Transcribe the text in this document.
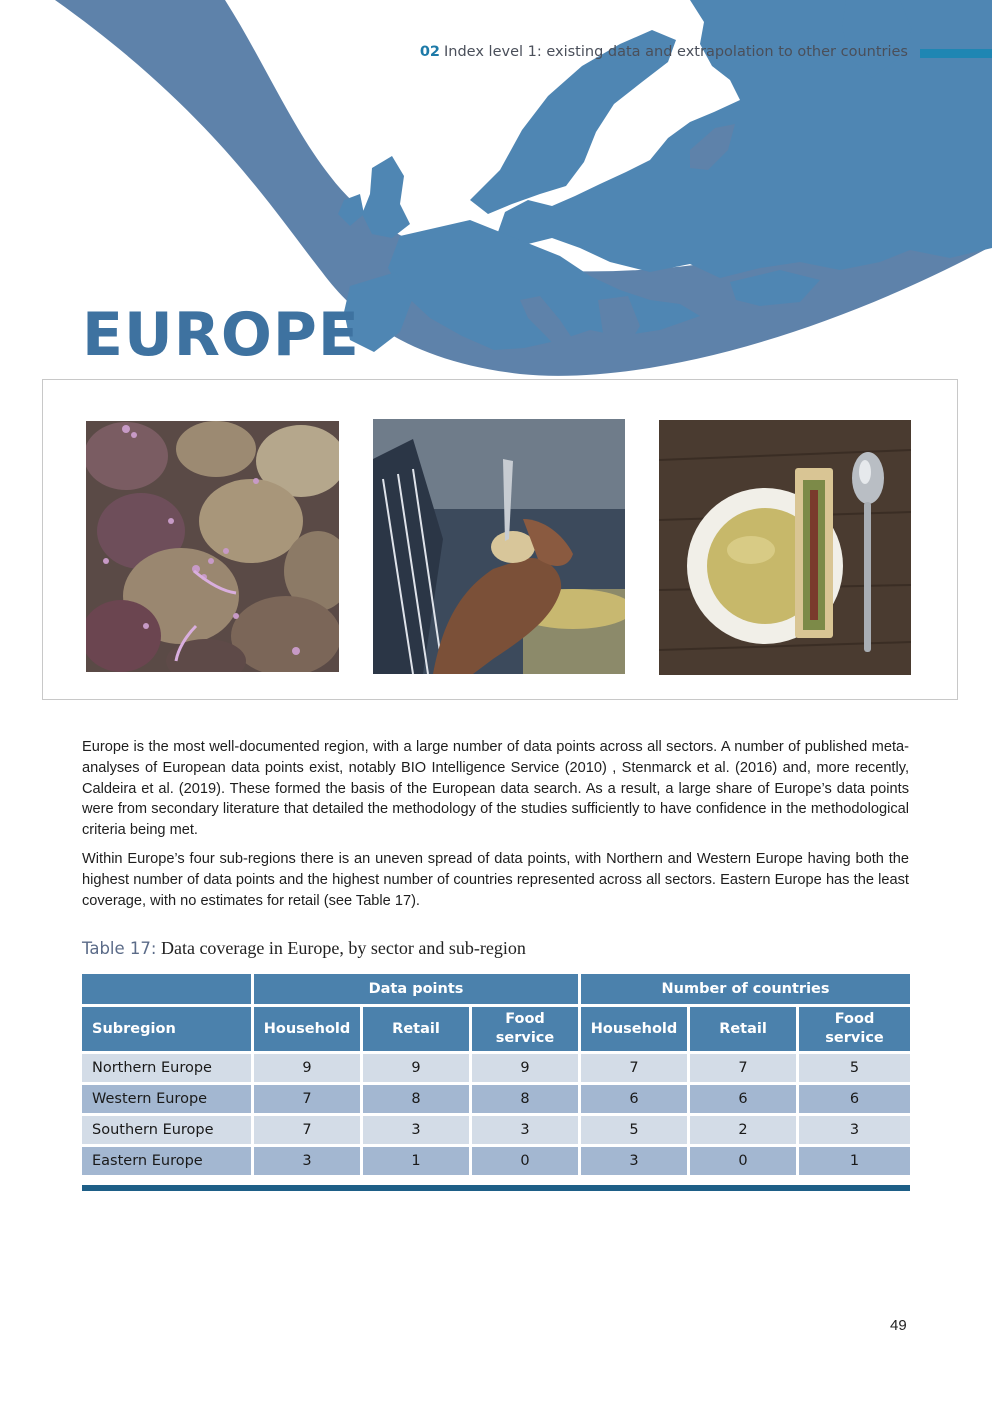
02 Index level 1: existing data and extrapolation to other countries
EUROPE

Europe is the most well-documented region, with a large number of data points across all sectors. A number of published meta-analyses of European data points exist, notably BIO Intelligence Service (2010) , Stenmarck et al. (2016) and, more recently, Caldeira et al. (2019). These formed the basis of the European data search. As a result, a large share of Europe’s data points were from secondary literature that detailed the methodology of the studies sufficiently to have confidence in the methodological criteria being met.

Within Europe’s four sub-regions there is an uneven spread of data points, with Northern and Western Europe having both the highest number of data points and the highest number of countries represented across all sectors. Eastern Europe has the least coverage, with no estimates for retail (see Table 17).

Table 17: Data coverage in Europe, by sector and sub-region
	Data points			Number of countries		
Subregion	Household	Retail	Food service	Household	Retail	Food service
Northern Europe	9	9	9	7	7	5
Western Europe	7	8	8	6	6	6
Southern Europe	7	3	3	5	2	3
Eastern Europe	3	1	0	3	0	1
49
